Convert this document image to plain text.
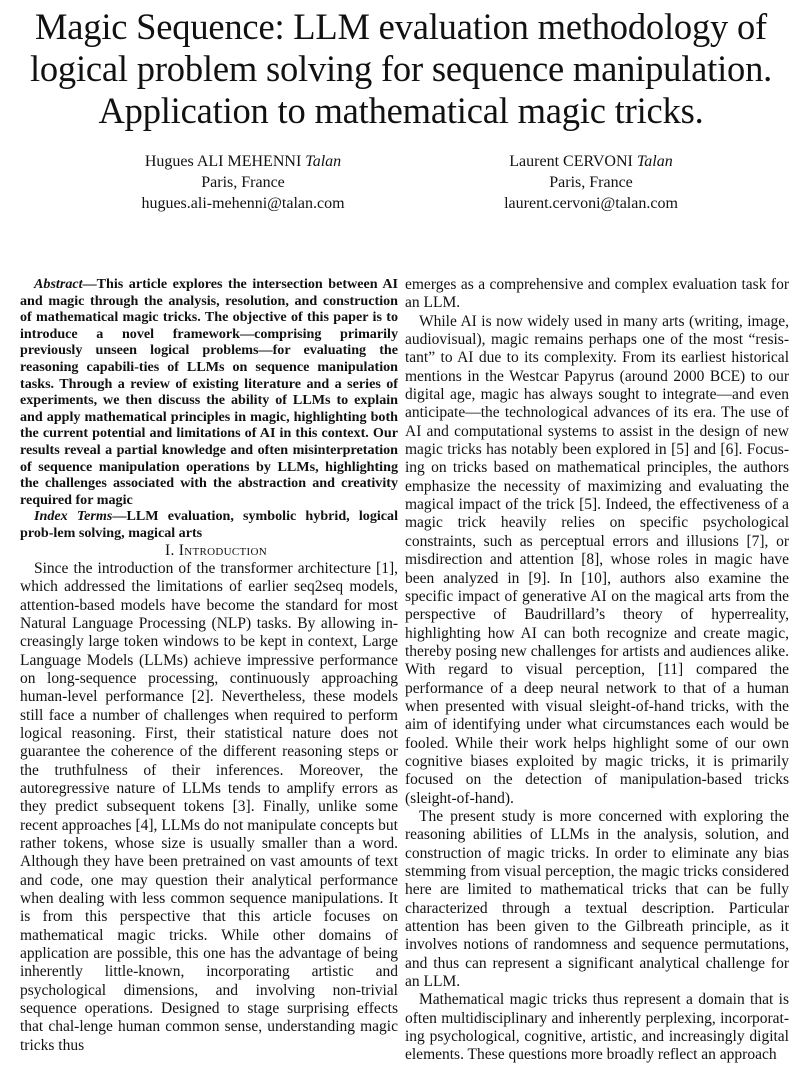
Magic Sequence: LLM evaluation methodology of
logical problem solving for sequence manipulation.
Application to mathematical magic tricks.
Hugues ALI MEHENNI Talan
Paris, France
hugues.ali-mehenni@talan.com
Laurent CERVONI Talan
Paris, France
laurent.cervoni@talan.com

Abstract—This article explores the intersection between AI and magic through the analysis, resolution, and construction of mathematical magic tricks. The objective of this paper is to introduce a novel framework—comprising primarily previously unseen logical problems—for evaluating the reasoning capabili-ties of LLMs on sequence manipulation tasks. Through a review of existing literature and a series of experiments, we then discuss the ability of LLMs to explain and apply mathematical principles in magic, highlighting both the current potential and limitations of AI in this context. Our results reveal a partial knowledge and often misinterpretation of sequence manipulation operations by LLMs, highlighting the challenges associated with the abstraction and creativity required for magic

Index Terms—LLM evaluation, symbolic hybrid, logical prob-lem solving, magical arts

I. Introduction

Since the introduction of the transformer architecture [1], which addressed the limitations of earlier seq2seq models, attention-based models have become the standard for most Natural Language Processing (NLP) tasks. By allowing in-creasingly large token windows to be kept in context, Large Language Models (LLMs) achieve impressive performance on long-sequence processing, continuously approaching human-level performance [2]. Nevertheless, these models still face a number of challenges when required to perform logical reasoning. First, their statistical nature does not guarantee the coherence of the different reasoning steps or the truthfulness of their inferences. Moreover, the autoregressive nature of LLMs tends to amplify errors as they predict subsequent tokens [3]. Finally, unlike some recent approaches [4], LLMs do not manipulate concepts but rather tokens, whose size is usually smaller than a word. Although they have been pretrained on vast amounts of text and code, one may question their analytical performance when dealing with less common sequence manipulations. It is from this perspective that this article focuses on mathematical magic tricks. While other domains of application are possible, this one has the advantage of being inherently little-known, incorporating artistic and psychological dimensions, and involving non-trivial sequence operations. Designed to stage surprising effects that chal-lenge human common sense, understanding magic tricks thus

emerges as a comprehensive and complex evaluation task for an LLM.

While AI is now widely used in many arts (writing, image, audiovisual), magic remains perhaps one of the most “resis-tant” to AI due to its complexity. From its earliest historical mentions in the Westcar Papyrus (around 2000 BCE) to our digital age, magic has always sought to integrate—and even anticipate—the technological advances of its era. The use of AI and computational systems to assist in the design of new magic tricks has notably been explored in [5] and [6]. Focus-ing on tricks based on mathematical principles, the authors emphasize the necessity of maximizing and evaluating the magical impact of the trick [5]. Indeed, the effectiveness of a magic trick heavily relies on specific psychological constraints, such as perceptual errors and illusions [7], or misdirection and attention [8], whose roles in magic have been analyzed in [9]. In [10], authors also examine the specific impact of generative AI on the magical arts from the perspective of Baudrillard’s theory of hyperreality, highlighting how AI can both recognize and create magic, thereby posing new challenges for artists and audiences alike. With regard to visual perception, [11] compared the performance of a deep neural network to that of a human when presented with visual sleight-of-hand tricks, with the aim of identifying under what circumstances each would be fooled. While their work helps highlight some of our own cognitive biases exploited by magic tricks, it is primarily focused on the detection of manipulation-based tricks (sleight-of-hand).

The present study is more concerned with exploring the reasoning abilities of LLMs in the analysis, solution, and construction of magic tricks. In order to eliminate any bias stemming from visual perception, the magic tricks considered here are limited to mathematical tricks that can be fully characterized through a textual description. Particular attention has been given to the Gilbreath principle, as it involves notions of randomness and sequence permutations, and thus can represent a significant analytical challenge for an LLM.

Mathematical magic tricks thus represent a domain that is often multidisciplinary and inherently perplexing, incorporat-ing psychological, cognitive, artistic, and increasingly digital elements. These questions more broadly reflect an approach
